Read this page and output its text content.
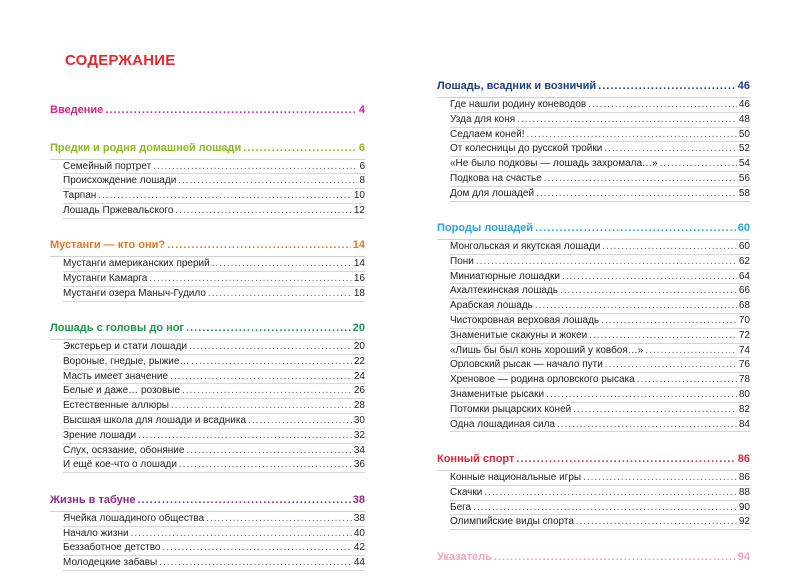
СОДЕРЖАНИЕ
Введение .....	4
Предки и родня домашней лошади .....	6
Семейный портрет .....	6
Происхождение лошади .....	8
Тарпан .....	10
Лошадь Пржевальского .....	12
Мустанги — кто они? .....	14
Мустанги американских прерий .....	14
Мустанги Камарга .....	16
Мустанги озера Маныч-Гудило .....	18
Лошадь с головы до ног .....	20
Экстерьер и стати лошади .....	20
Вороные, гнедые, рыжие… .....	22
Масть имеет значение .....	24
Белые и даже… розовые .....	26
Естественные аллюры .....	28
Высшая школа для лошади и всадника .....	30
Зрение лошади .....	32
Слух, осязание, обоняние .....	34
И ещё кое-что о лошади .....	36
Жизнь в табуне .....	38
Ячейка лошадиного общества .....	38
Начало жизни .....	40
Беззаботное детство .....	42
Молодецкие забавы .....	44
Лошадь, всадник и возничий .....	46
Где нашли родину коневодов .....	46
Узда для коня .....	48
Седлаем коней! .....	50
От колесницы до русской тройки .....	52
«Не было подковы — лошадь захромала…» .....	54
Подкова на счастье .....	56
Дом для лошадей .....	58
Породы лошадей .....	60
Монгольская и якутская лошади .....	60
Пони .....	62
Миниатюрные лошадки .....	64
Ахалтекинская лошадь .....	66
Арабская лошадь .....	68
Чистокровная верховая лошадь .....	70
Знаменитые скакуны и жокеи .....	72
«Лишь бы был конь хороший у ковбоя…» .....	74
Орловский рысак — начало пути .....	76
Хреновое — родина орловского рысака .....	78
Знаменитые рысаки .....	80
Потомки рыцарских коней .....	82
Одна лошадиная сила .....	84
Конный спорт .....	86
Конные национальные игры .....	86
Скачки .....	88
Бега .....	90
Олимпийские виды спорта .....	92
Указатель .....	94
